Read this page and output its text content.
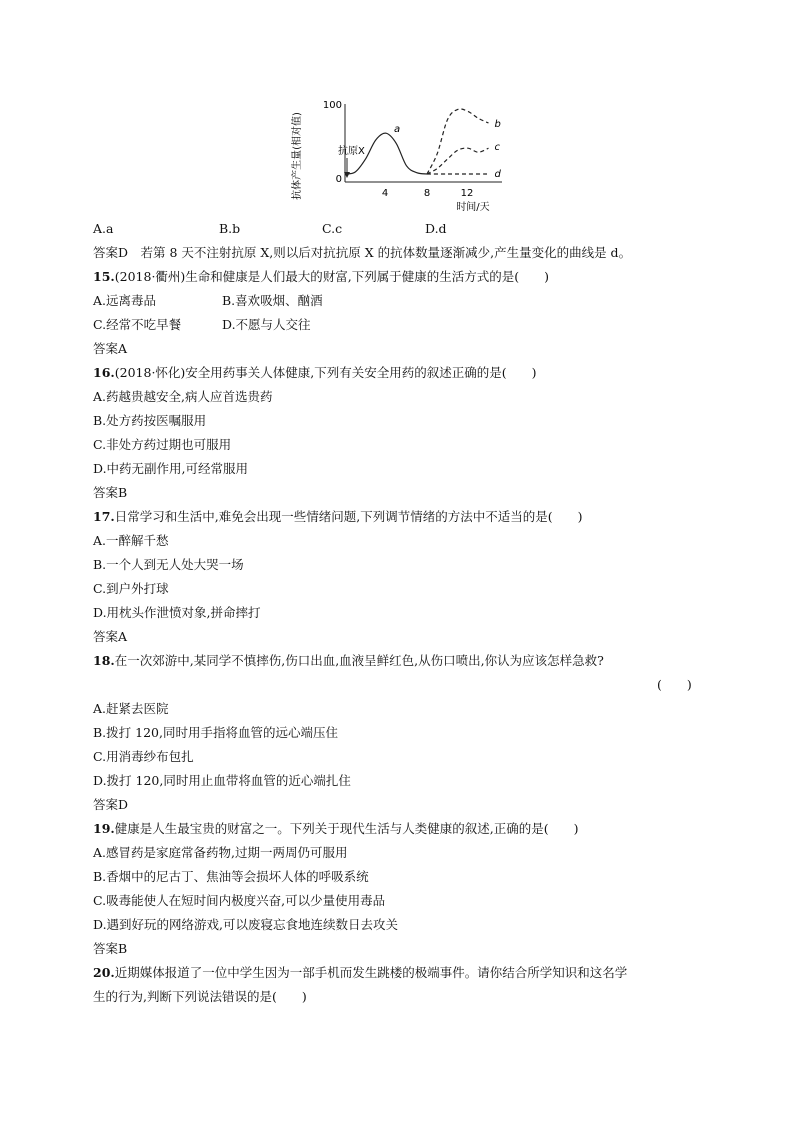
抗体产生量(相对值)
100
0
4	8	12
时间/天
抗原X
a	b
c
d
A.a	B.b	C.c	D.d
答案D　若第 8 天不注射抗原 X,则以后对抗抗原 X 的抗体数量逐渐减少,产生量变化的曲线是 d。
15.(2018·衢州)生命和健康是人们最大的财富,下列属于健康的生活方式的是(　　)
A.远离毒品	B.喜欢吸烟、酗酒
C.经常不吃早餐	D.不愿与人交往
答案A
16.(2018·怀化)安全用药事关人体健康,下列有关安全用药的叙述正确的是(　　)
A.药越贵越安全,病人应首选贵药
B.处方药按医嘱服用
C.非处方药过期也可服用
D.中药无副作用,可经常服用
答案B
17.日常学习和生活中,难免会出现一些情绪问题,下列调节情绪的方法中不适当的是(　　)
A.一醉解千愁
B.一个人到无人处大哭一场
C.到户外打球
D.用枕头作泄愤对象,拼命摔打
答案A
18.在一次郊游中,某同学不慎摔伤,伤口出血,血液呈鲜红色,从伤口喷出,你认为应该怎样急救?
(　　)
A.赶紧去医院
B.拨打 120,同时用手指将血管的远心端压住
C.用消毒纱布包扎
D.拨打 120,同时用止血带将血管的近心端扎住
答案D
19.健康是人生最宝贵的财富之一。下列关于现代生活与人类健康的叙述,正确的是(　　)
A.感冒药是家庭常备药物,过期一两周仍可服用
B.香烟中的尼古丁、焦油等会损坏人体的呼吸系统
C.吸毒能使人在短时间内极度兴奋,可以少量使用毒品
D.遇到好玩的网络游戏,可以废寝忘食地连续数日去攻关
答案B
20.近期媒体报道了一位中学生因为一部手机而发生跳楼的极端事件。请你结合所学知识和这名学
生的行为,判断下列说法错误的是(　　)
